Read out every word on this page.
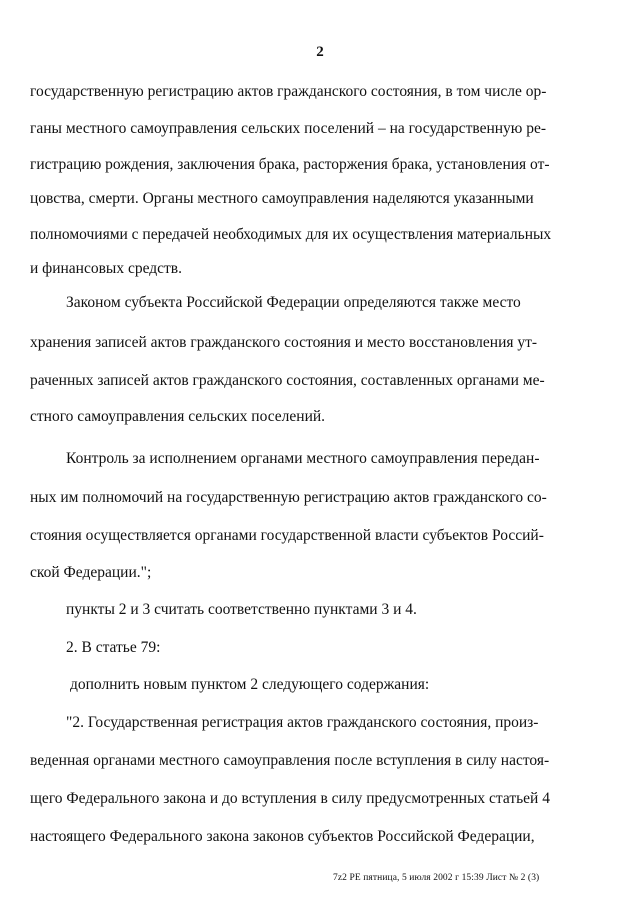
2
государственную регистрацию актов гражданского состояния, в том числе ор-
ганы местного самоуправления сельских поселений – на государственную ре-
гистрацию рождения, заключения брака, расторжения брака, установления от-
цовства, смерти. Органы местного самоуправления наделяются указанными
полномочиями с передачей необходимых для их осуществления материальных
и финансовых средств.
Законом субъекта Российской Федерации определяются также место
хранения записей актов гражданского состояния и место восстановления ут-
раченных записей актов гражданского состояния, составленных органами ме-
стного самоуправления сельских поселений.
Контроль за исполнением органами местного самоуправления передан-
ных им полномочий на государственную регистрацию актов гражданского со-
стояния осуществляется органами государственной власти субъектов Россий-
ской Федерации.";
пункты 2 и 3 считать соответственно пунктами 3 и 4.
2. В статье 79:
дополнить новым пунктом 2 следующего содержания:
"2. Государственная регистрация актов гражданского состояния, произ-
веденная органами местного самоуправления после вступления в силу настоя-
щего Федерального закона и до вступления в силу предусмотренных статьей 4
настоящего Федерального закона законов субъектов Российской Федерации,
7z2 РЕ пятница, 5 июля 2002 г 15:39 Лист № 2 (3)
